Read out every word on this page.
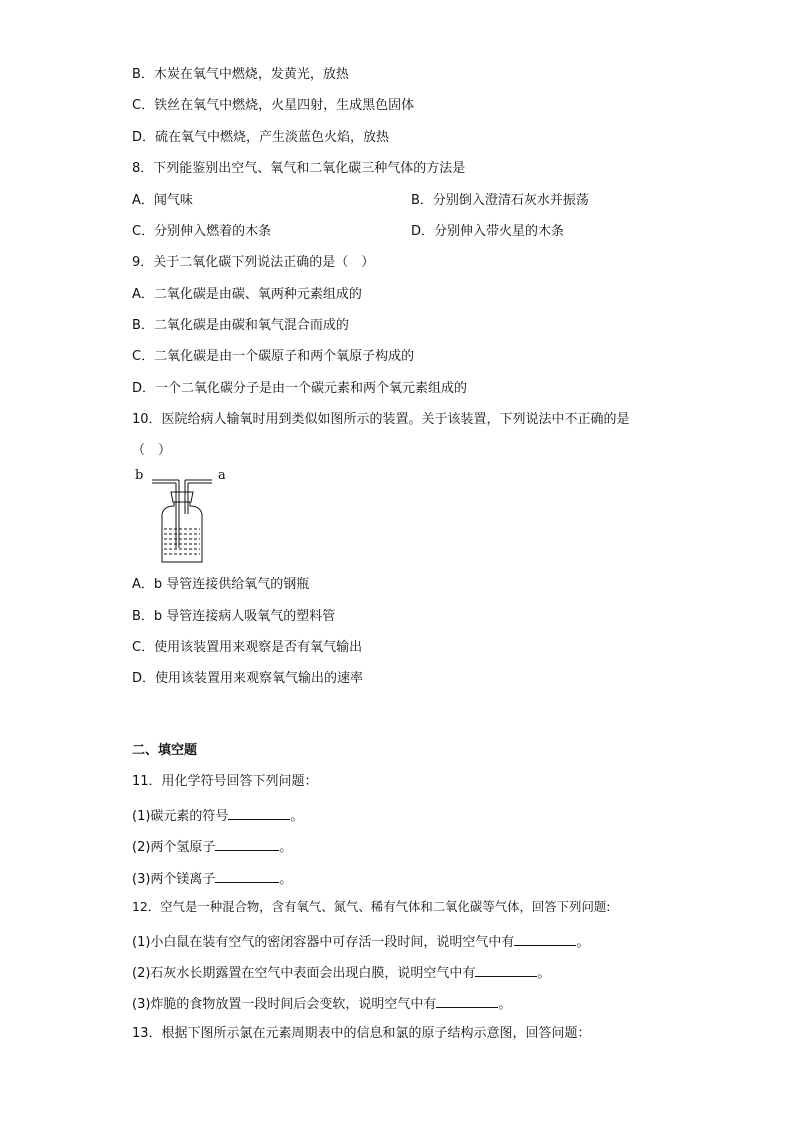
B．木炭在氧气中燃烧，发黄光，放热
C．铁丝在氧气中燃烧，火星四射，生成黑色固体
D．硫在氧气中燃烧，产生淡蓝色火焰，放热
8．下列能鉴别出空气、氧气和二氧化碳三种气体的方法是
A．闻气味	B．分别倒入澄清石灰水并振荡
C．分别伸入燃着的木条	D．分别伸入带火星的木条
9．关于二氧化碳下列说法正确的是（　）
A．二氧化碳是由碳、氧两种元素组成的
B．二氧化碳是由碳和氧气混合而成的
C．二氧化碳是由一个碳原子和两个氧原子构成的
D．一个二氧化碳分子是由一个碳元素和两个氧元素组成的
10．医院给病人输氧时用到类似如图所示的装置。关于该装置，下列说法中不正确的是
（　）
b	a
A．b 导管连接供给氧气的钢瓶
B．b 导管连接病人吸氧气的塑料管
C．使用该装置用来观察是否有氧气输出
D．使用该装置用来观察氧气输出的速率
二、填空题
11．用化学符号回答下列问题：
(1)碳元素的符号	。
(2)两个氢原子	。
(3)两个镁离子	。
12．空气是一种混合物，含有氧气、氮气、稀有气体和二氧化碳等气体，回答下列问题:
(1)小白鼠在装有空气的密闭容器中可存活一段时间，说明空气中有	。
(2)石灰水长期露置在空气中表面会出现白膜，说明空气中有	。
(3)炸脆的食物放置一段时间后会变软，说明空气中有	。
13．根据下图所示氯在元素周期表中的信息和氯的原子结构示意图，回答问题：
